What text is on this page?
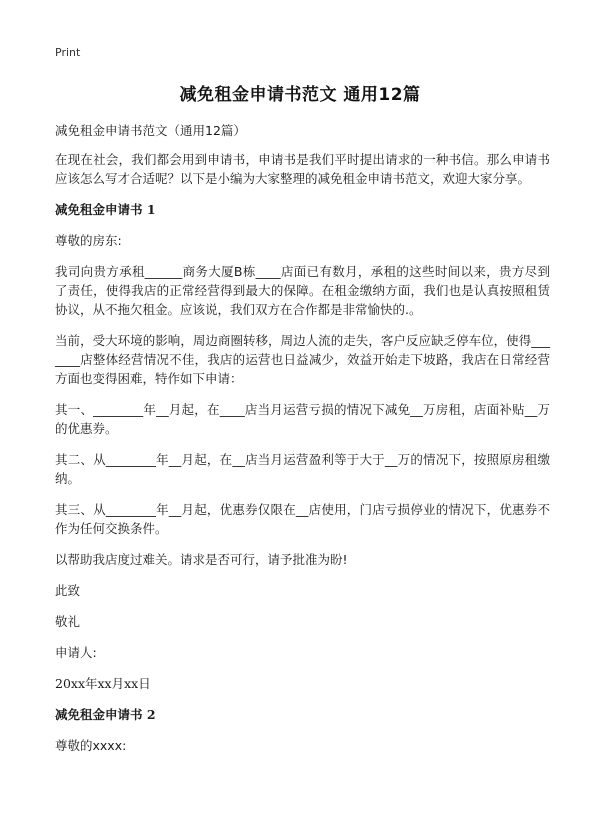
Print
减免租金申请书范文 通用12篇

减免租金申请书范文（通用12篇）

在现在社会，我们都会用到申请书，申请书是我们平时提出请求的一种书信。那么申请书应该怎么写才合适呢？以下是小编为大家整理的减免租金申请书范文，欢迎大家分享。

减免租金申请书 1

尊敬的房东:

我司向贵方承租______商务大厦B栋____店面已有数月，承租的这些时间以来，贵方尽到了责任，使得我店的正常经营得到最大的保障。在租金缴纳方面，我们也是认真按照租赁协议，从不拖欠租金。应该说，我们双方在合作都是非常愉快的.。

当前，受大环境的影响，周边商圈转移，周边人流的走失，客户反应缺乏停车位，使得_______店整体经营情况不佳，我店的运营也日益减少，效益开始走下坡路，我店在日常经营方面也变得困难，特作如下申请：

其一、________年__月起，在____店当月运营亏损的情况下减免__万房租，店面补贴__万的优惠券。

其二、从________年__月起，在__店当月运营盈利等于大于__万的情况下，按照原房租缴纳。

其三、从________年__月起，优惠券仅限在__店使用，门店亏损停业的情况下，优惠券不作为任何交换条件。

以帮助我店度过难关。请求是否可行，请予批准为盼!

此致

敬礼

申请人:

20xx年xx月xx日

减免租金申请书 2

尊敬的xxxx:
